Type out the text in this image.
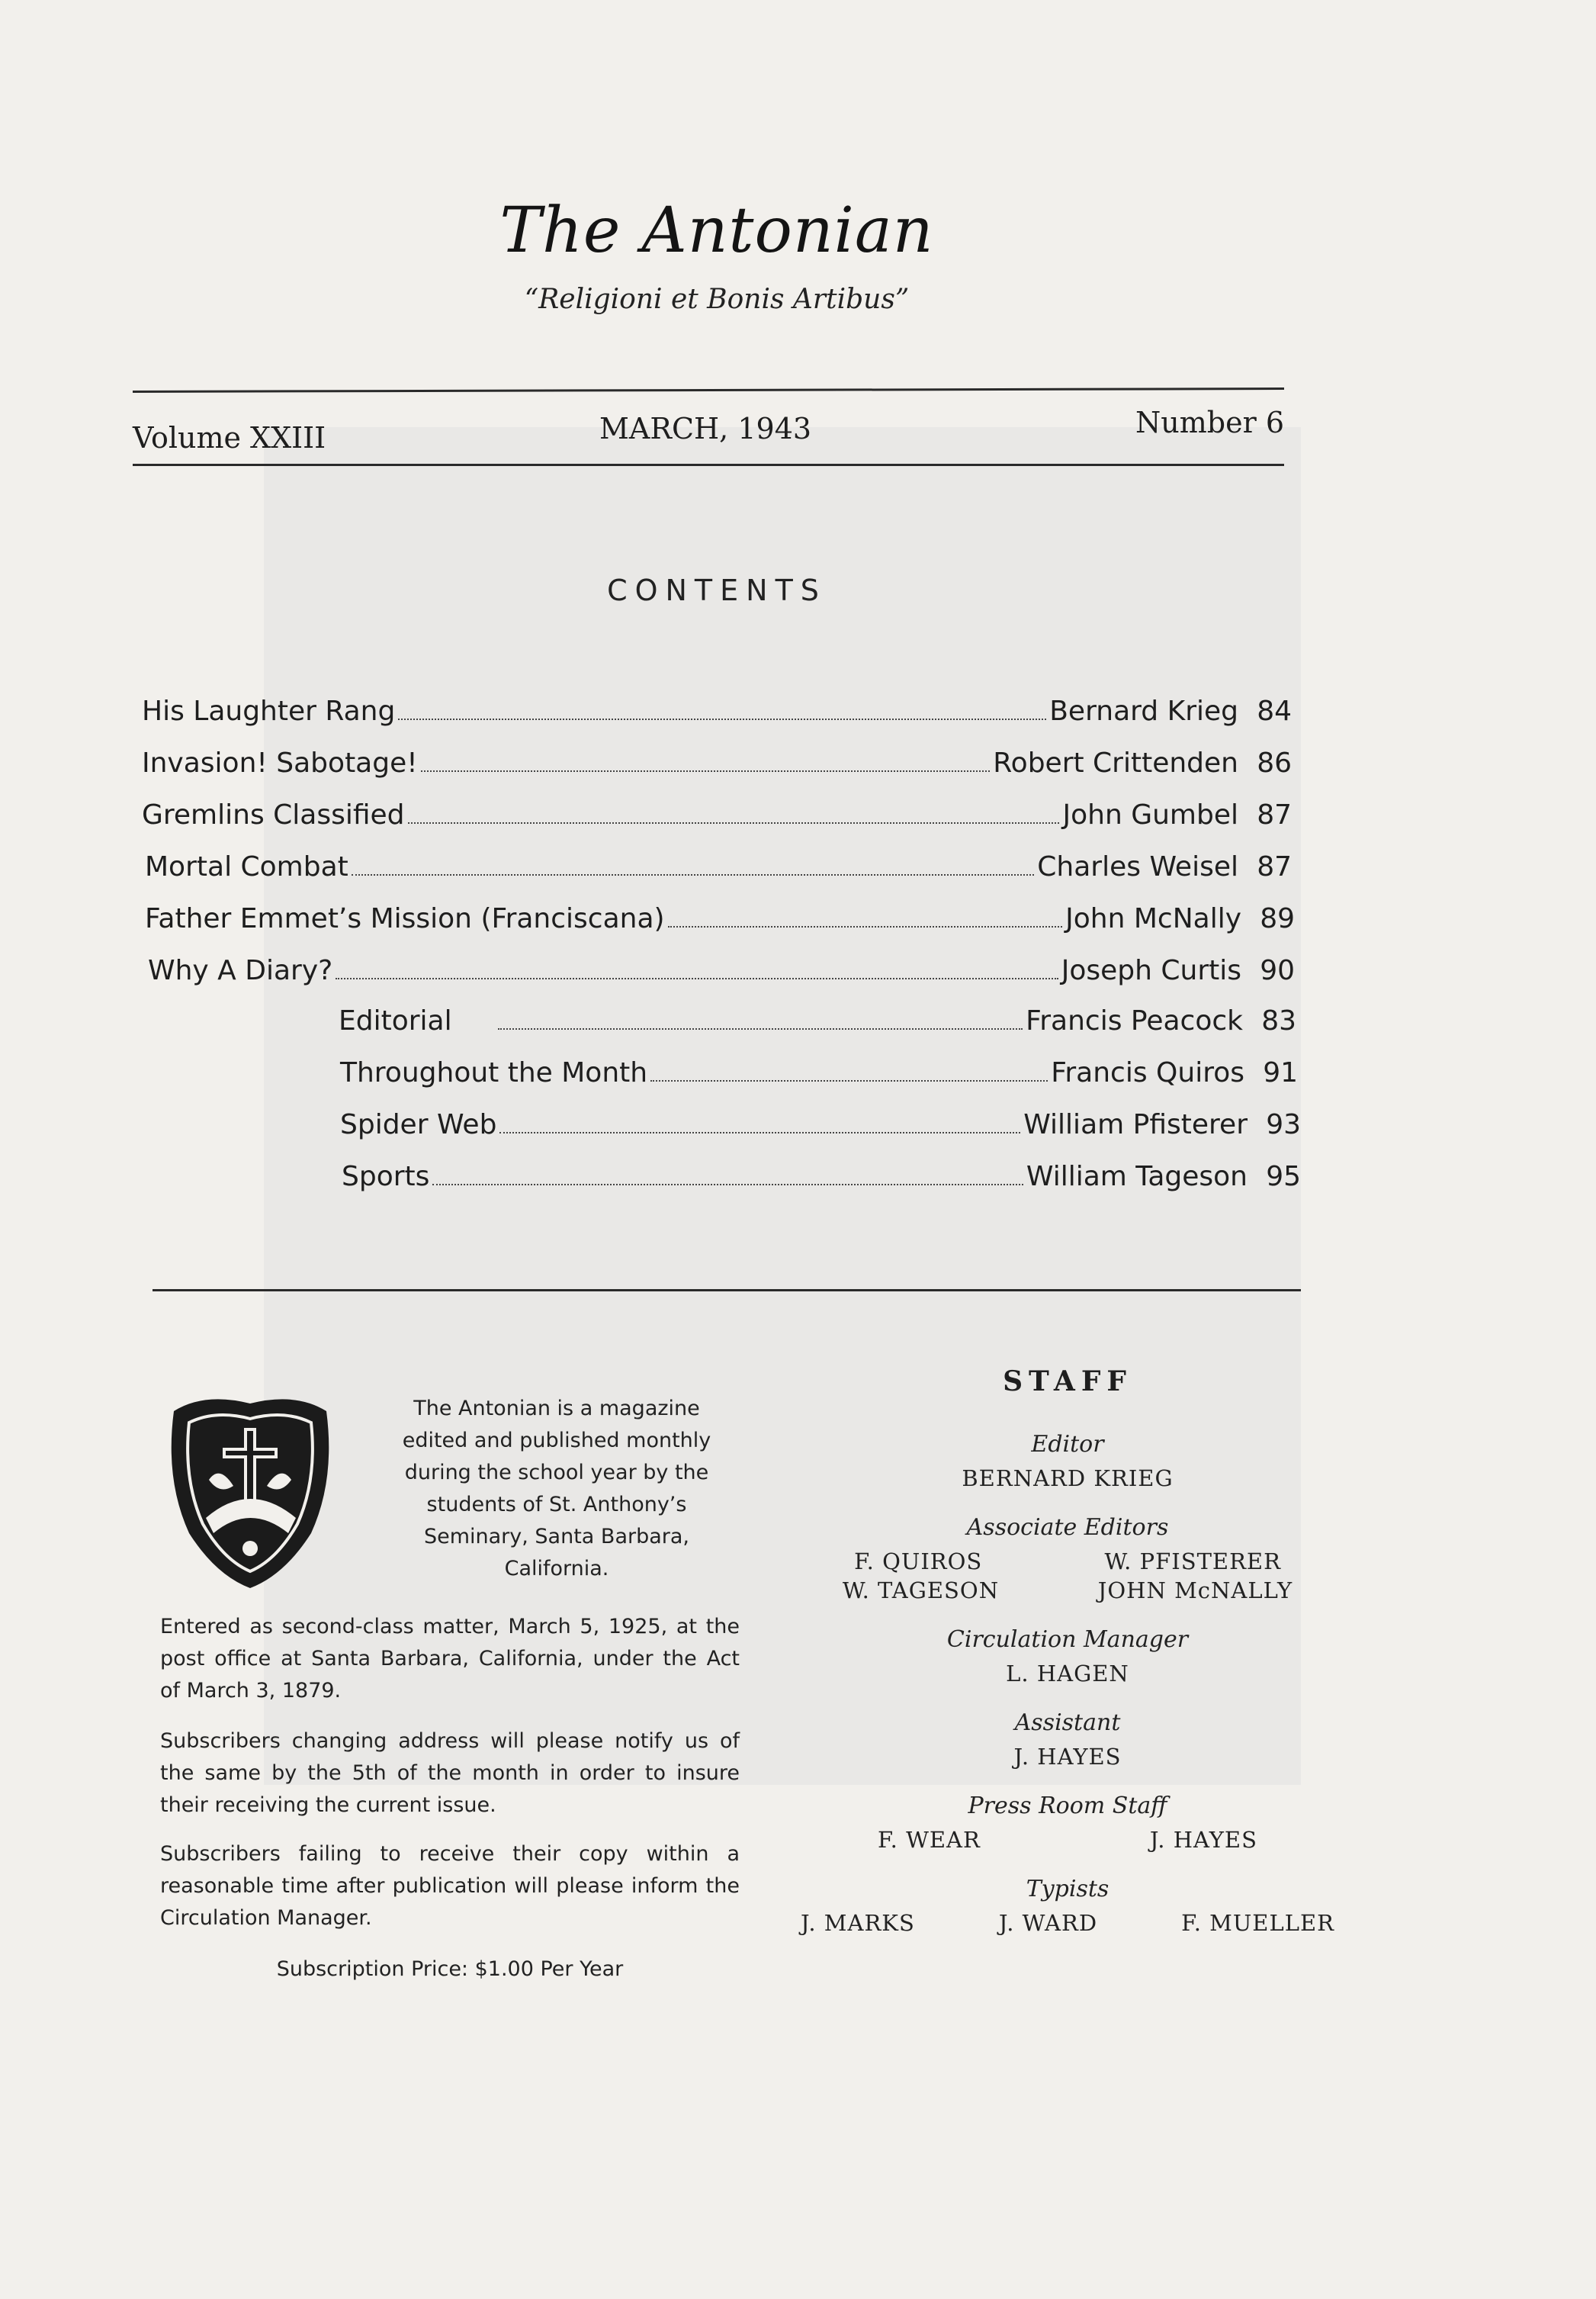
The Antonian
“Religioni et Bonis Artibus”
Volume XXIII	MARCH, 1943	Number 6
CONTENTS
His Laughter Rang	Bernard Krieg 84
Invasion! Sabotage!	Robert Crittenden 86
Gremlins Classified	John Gumbel 87
Mortal Combat	Charles Weisel 87
Father Emmet’s Mission (Franciscana)	John McNally 89
Why A Diary?	Joseph Curtis 90
Editorial	Francis Peacock 83
Throughout the Month	Francis Quiros 91
Spider Web	William Pfisterer 93
Sports	William Tageson 95
The Antonian is a magazine edited and published monthly during the school year by the students of St. Anthony’s Seminary, Santa Barbara, California.
Entered as second-class matter, March 5, 1925, at the post office at Santa Barbara, California, under the Act of March 3, 1879.
Subscribers changing address will please notify us of the same by the 5th of the month in order to insure their receiving the current issue.
Subscribers failing to receive their copy within a reasonable time after publication will please inform the Circulation Manager.
Subscription Price: $1.00 Per Year
STAFF
Editor
BERNARD KRIEG
Associate Editors
F. QUIROS	W. PFISTERER
W. TAGESON	JOHN McNALLY
Circulation Manager
L. HAGEN
Assistant
J. HAYES
Press Room Staff
F. WEAR	J. HAYES
Typists
J. MARKS	J. WARD	F. MUELLER
